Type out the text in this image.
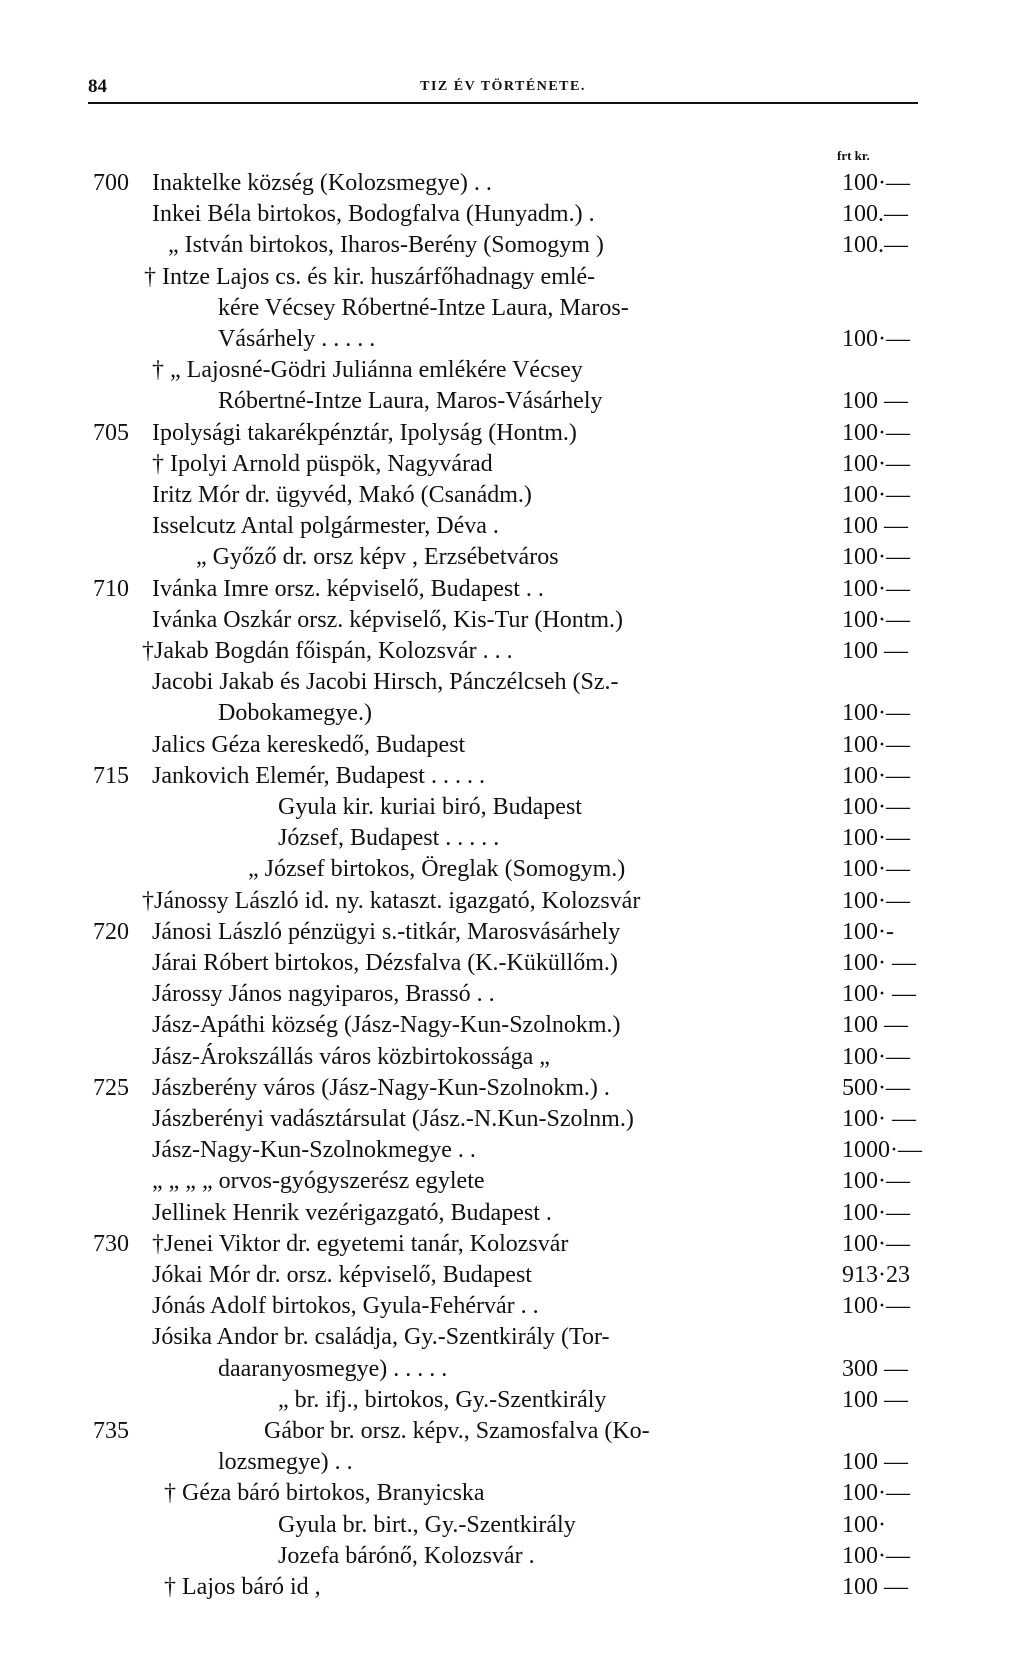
84	TIZ ÉV TÖRTÉNETE.
frt kr.
700 Inaktelke község (Kolozsmegye) . .	100·—
Inkei Béla birtokos, Bodogfalva (Hunyadm.) .	100.—
„ István birtokos, Iharos-Berény (Somogym )	100.—
† Intze Lajos cs. és kir. huszárfőhadnagy emlé-
kére Vécsey Róbertné-Intze Laura, Maros-
Vásárhely . . . . .	100·—
† „ Lajosné-Gödri Juliánna emlékére Vécsey
Róbertné-Intze Laura, Maros-Vásárhely	100 —
705 Ipolysági takarékpénztár, Ipolyság (Hontm.)	100·—
† Ipolyi Arnold püspök, Nagyvárad	100·—
Iritz Mór dr. ügyvéd, Makó (Csanádm.)	100·—
Isselcutz Antal polgármester, Déva .	100 —
„ Győző dr. orsz képv , Erzsébetváros	100·—
710 Ivánka Imre orsz. képviselő, Budapest . .	100·—
Ivánka Oszkár orsz. képviselő, Kis-Tur (Hontm.)	100·—
†Jakab Bogdán főispán, Kolozsvár . . .	100 —
Jacobi Jakab és Jacobi Hirsch, Pánczélcseh (Sz.-
Dobokamegye.)	100·—
Jalics Géza kereskedő, Budapest	100·—
715 Jankovich Elemér, Budapest . . . . .	100·—
Gyula kir. kuriai biró, Budapest	100·—
József, Budapest . . . . .	100·—
„ József birtokos, Öreglak (Somogym.)	100·—
†Jánossy László id. ny. kataszt. igazgató, Kolozsvár	100·—
720 Jánosi László pénzügyi s.-titkár, Marosvásárhely	100·-
Járai Róbert birtokos, Dézsfalva (K.-Küküllőm.)	100· —
Járossy János nagyiparos, Brassó . .	100· —
Jász-Apáthi község (Jász-Nagy-Kun-Szolnokm.)	100 —
Jász-Árokszállás város közbirtokossága „	100·—
725 Jászberény város (Jász-Nagy-Kun-Szolnokm.) .	500·—
Jászberényi vadásztársulat (Jász.-N.Kun-Szolnm.)	100· —
Jász-Nagy-Kun-Szolnokmegye . .	1000·—
„ „ „ „ orvos-gyógyszerész egylete	100·—
Jellinek Henrik vezérigazgató, Budapest .	100·—
730 †Jenei Viktor dr. egyetemi tanár, Kolozsvár	100·—
Jókai Mór dr. orsz. képviselő, Budapest	913·23
Jónás Adolf birtokos, Gyula-Fehérvár . .	100·—
Jósika Andor br. családja, Gy.-Szentkirály (Tor-
daaranyosmegye) . . . . .	300 —
„ br. ifj., birtokos, Gy.-Szentkirály	100 —
735	Gábor br. orsz. képv., Szamosfalva (Ko-
lozsmegye) . .	100 —
† Géza báró birtokos, Branyicska	100·—
Gyula br. birt., Gy.-Szentkirály	100·
Jozefa bárónő, Kolozsvár .	100·—
† Lajos báró id ,	100 —
